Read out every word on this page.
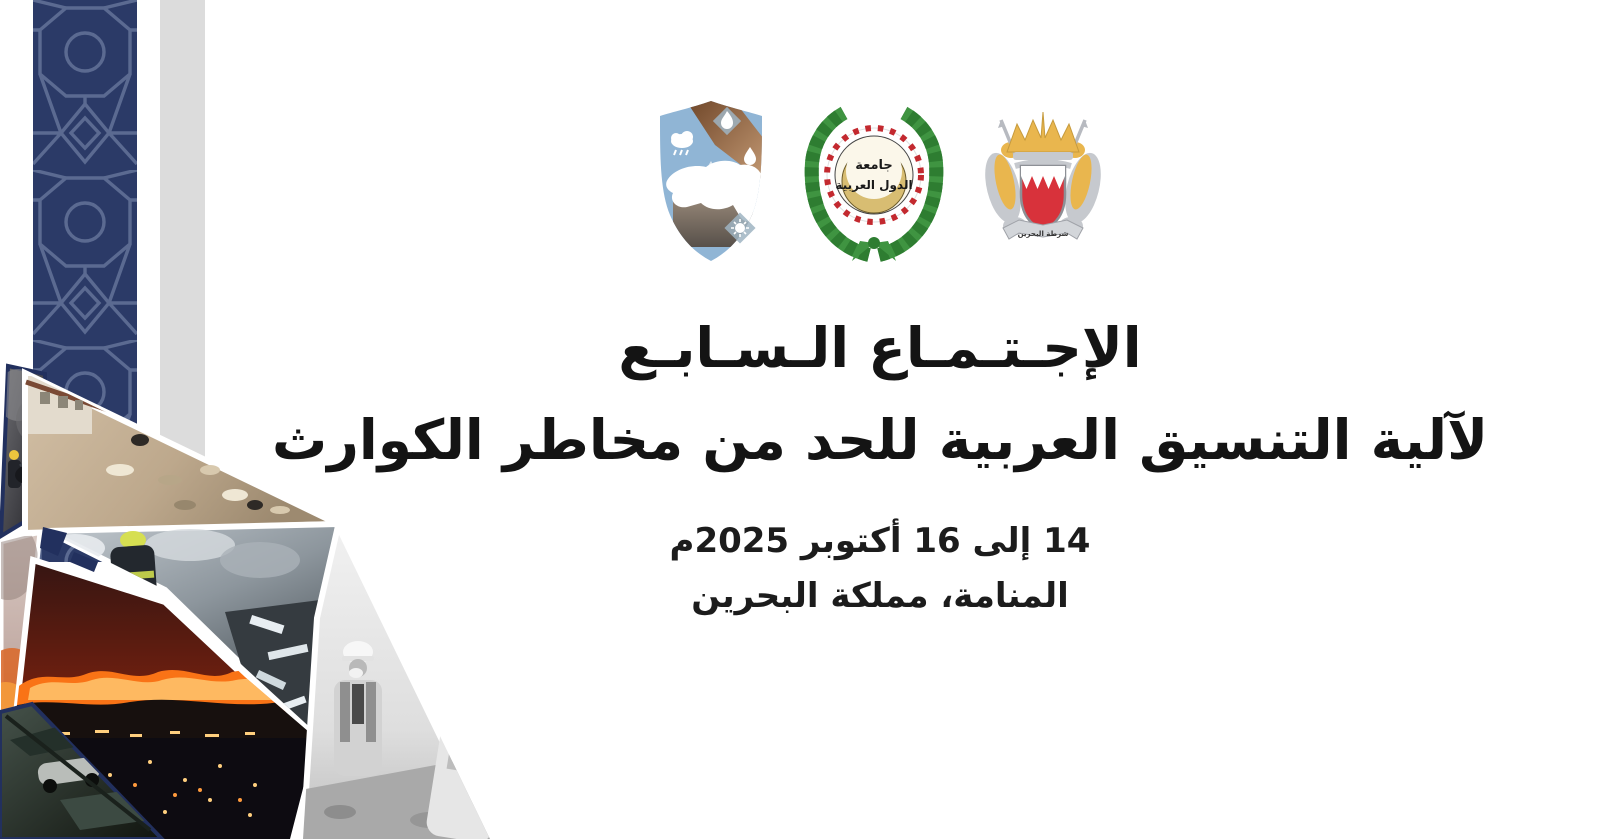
جامعة
الدول العربية
شرطة البحرين
الإجـتـمـاع الـسـابـع
لآلية التنسيق العربية للحد من مخاطر الكوارث
14 إلى 16 أكتوبر 2025م
المنامة، مملكة البحرين
